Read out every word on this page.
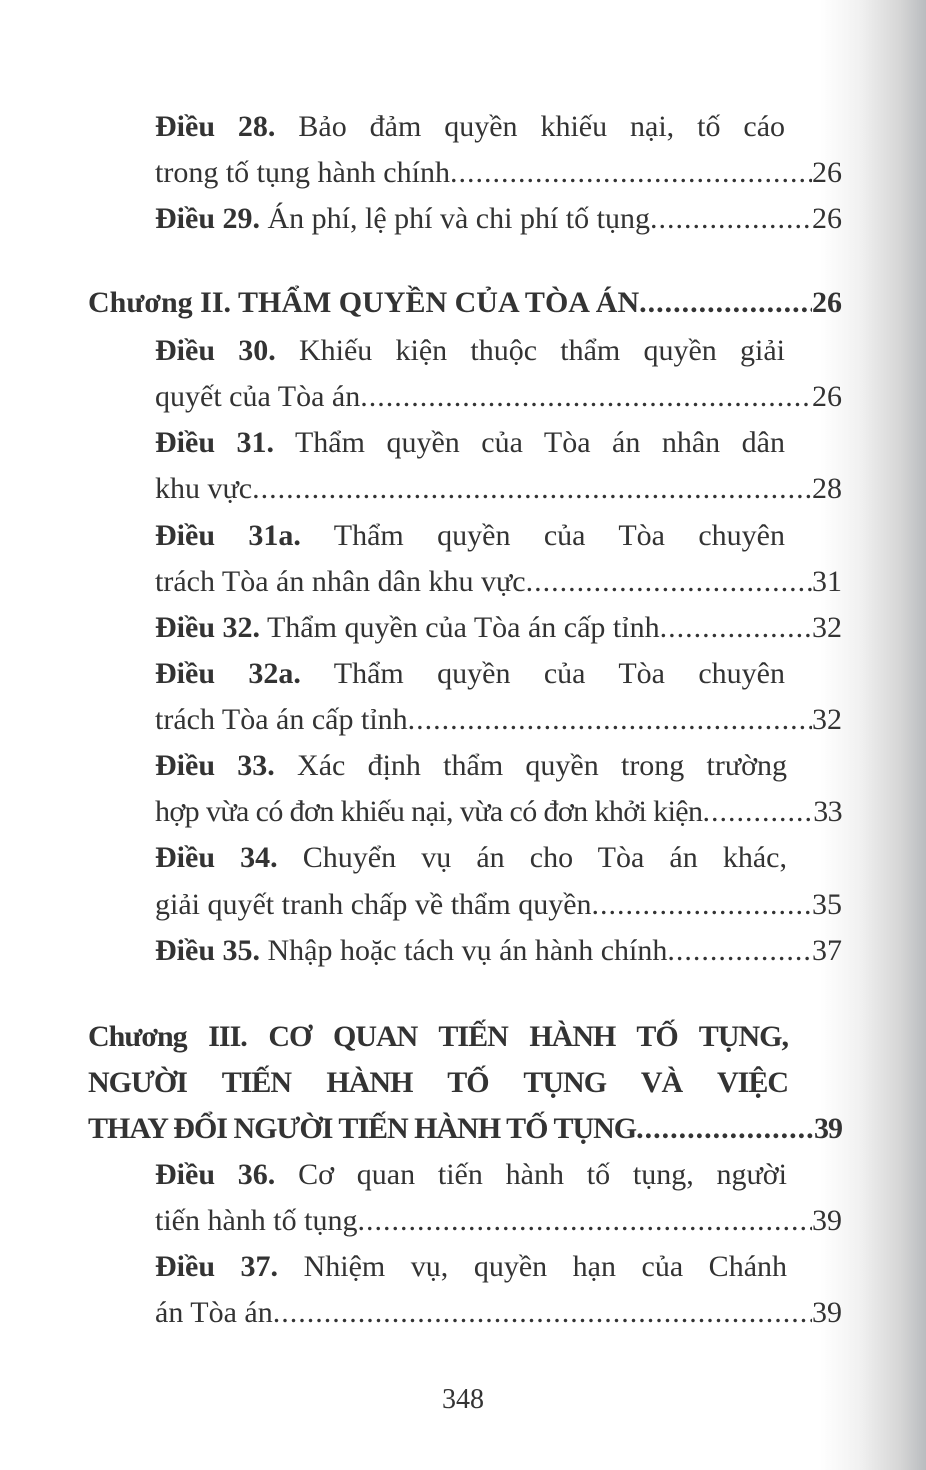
Điều 28. Bảo đảm quyền khiếu nại, tố cáo
trong tố tụng hành chính .....	26
Điều 29. Án phí, lệ phí và chi phí tố tụng .....	26
Chương II. THẨM QUYỀN CỦA TÒA ÁN .....	26
Điều 30. Khiếu kiện thuộc thẩm quyền giải
quyết của Tòa án .....	26
Điều 31. Thẩm quyền của Tòa án nhân dân
khu vực .....	28
Điều 31a. Thẩm quyền của Tòa chuyên
trách Tòa án nhân dân khu vực .....	31
Điều 32. Thẩm quyền của Tòa án cấp tỉnh .....	32
Điều 32a. Thẩm quyền của Tòa chuyên
trách Tòa án cấp tỉnh .....	32
Điều 33. Xác định thẩm quyền trong trường
hợp vừa có đơn khiếu nại, vừa có đơn khởi kiện .....	33
Điều 34. Chuyển vụ án cho Tòa án khác,
giải quyết tranh chấp về thẩm quyền .....	35
Điều 35. Nhập hoặc tách vụ án hành chính .....	37
Chương III. CƠ QUAN TIẾN HÀNH TỐ TỤNG,
NGƯỜI TIẾN HÀNH TỐ TỤNG VÀ VIỆC
THAY ĐỔI NGƯỜI TIẾN HÀNH TỐ TỤNG .....	39
Điều 36. Cơ quan tiến hành tố tụng, người
tiến hành tố tụng .....	39
Điều 37. Nhiệm vụ, quyền hạn của Chánh
án Tòa án .....	39
348
